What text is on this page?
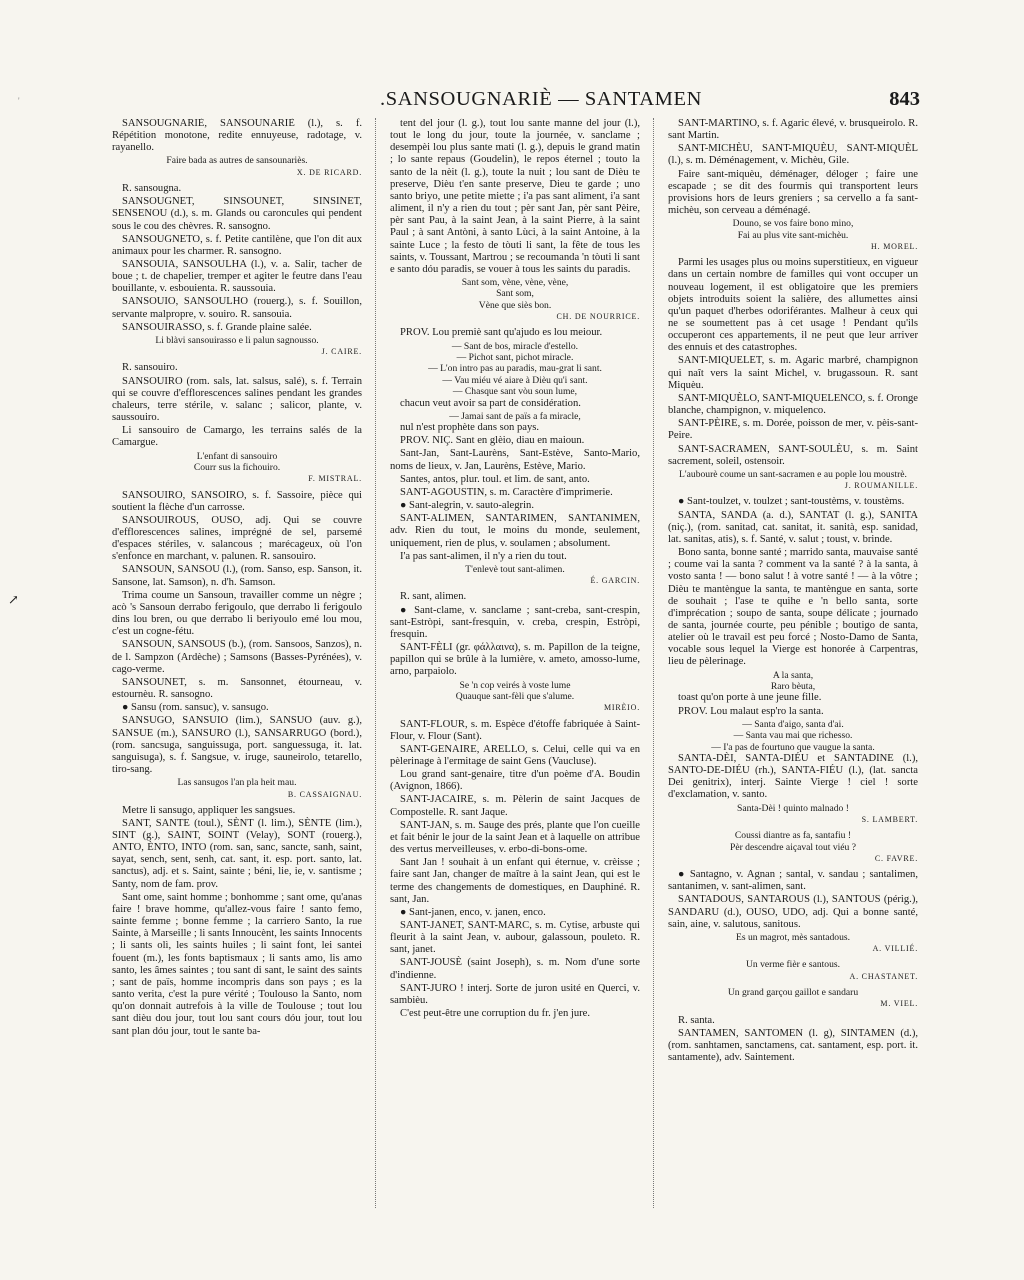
'
↗
.SANSOUGNARIÈ — SANTAMEN	843

SANSOUGNARIÈ, SANSOUNARIÈ (l.), s. f. Répétition monotone, redite ennuyeuse, radotage, v. rayanello.

Faire bada as autres de sansounariès.

X. DE RICARD.

R. sansougna.

SANSOUGNET, SINSOUNET, SINSINET, SENSENOU (d.), s. m. Glands ou caroncules qui pendent sous le cou des chèvres. R. sansogno.

SANSOUGNETO, s. f. Petite cantilène, que l'on dit aux animaux pour les charmer. R. sansogno.

SANSOUIA, SANSOULHA (l.), v. a. Salir, tacher de boue ; t. de chapelier, tremper et agiter le feutre dans l'eau bouillante, v. esbouienta. R. saussouia.

SANSOUIO, SANSOULHO (rouerg.), s. f. Souillon, servante malpropre, v. souiro. R. sansouia.

SANSOUIRASSO, s. f. Grande plaine salée.

Li blàvi sansouirasso e li palun sagnousso.

J. CAIRE.

R. sansouiro.

SANSOUIRO (rom. sals, lat. salsus, salé), s. f. Terrain qui se couvre d'efflorescences salines pendant les grandes chaleurs, terre stérile, v. salanc ; salicor, plante, v. saussouiro.

Li sansouiro de Camargo, les terrains salés de la Camargue.

L'enfant di sansouiro

Courr sus la fichouiro.

F. MISTRAL.

SANSOUIRO, SANSOIRO, s. f. Sassoire, pièce qui soutient la flèche d'un carrosse.

SANSOUIROUS, OUSO, adj. Qui se couvre d'efflorescences salines, imprégné de sel, parsemé d'espaces stériles, v. salancous ; marécageux, où l'on s'enfonce en marchant, v. palunen. R. sansouiro.

SANSOUN, SANSOU (l.), (rom. Sanso, esp. Sanson, it. Sansone, lat. Samson), n. d'h. Samson.

Trima coume un Sansoun, travailler comme un nègre ; acò 's Sansoun derrabo ferigoulo, que derrabo li ferigoulo dins lou bren, ou que derrabo li beriyoulo emé lou mou, c'est un cogne-fétu.

SANSOUN, SANSOUS (b.), (rom. Sansoos, Sanzos), n. de l. Sampzon (Ardèche) ; Samsons (Basses-Pyrénées), v. cago-verme.

SANSOUNET, s. m. Sansonnet, étourneau, v. estournèu. R. sansogno.

● Sansu (rom. sansuc), v. sansugo.

SANSUGO, SANSUIO (lim.), SANSUO (auv. g.), SANSUE (m.), SANSURO (l.), SANSARRUGO (bord.), (rom. sancsuga, sanguissuga, port. sanguessuga, it. lat. sanguisuga), s. f. Sangsue, v. iruge, sauneirolo, tetarello, tiro-sang.

Las sansugos l'an pla heit mau.

B. CASSAIGNAU.

Metre li sansugo, appliquer les sangsues.

SANT, SANTE (toul.), SÈNT (l. lim.), SÈNTE (lim.), SINT (g.), SAINT, SOINT (Velay), SONT (rouerg.), ANTO, ÈNTO, INTO (rom. san, sanc, sancte, sanh, saint, sayat, sench, sent, senh, cat. sant, it. esp. port. santo, lat. sanctus), adj. et s. Saint, sainte ; béni, lie, ie, v. santisme ; Santy, nom de fam. prov.

Sant ome, saint homme ; bonhomme ; sant ome, qu'anas faire ! brave homme, qu'allez-vous faire ! santo femo, sainte femme ; bonne femme ; la carriero Santo, la rue Sainte, à Marseille ; li sants Innoucènt, les saints Innocents ; li sants olì, les saints huiles ; li saint font, lei santei fouent (m.), les fonts baptismaux ; li sants amo, lis amo santo, les âmes saintes ; tou sant di sant, le saint des saints ; sant de païs, homme incompris dans son pays ; es la santo verita, c'est la pure vérité ; Toulouso la Santo, nom qu'on donnait autrefois à la ville de Toulouse ; tout lou sant dièu dou jour, tout lou sant cours dóu jour, tout lou sant plan dóu jour, tout le sante ba-

tent del jour (l. g.), tout lou sante manne del jour (l.), tout le long du jour, toute la journée, v. sanclame ; desempèi lou plus sante mati (l. g.), depuis le grand matin ; lo sante repaus (Goudelin), le repos éternel ; touto la santo de la nèit (l. g.), toute la nuit ; lou sant de Dièu te preserve, Dièu t'en sante preserve, Dieu te garde ; uno santo briyo, une petite miette ; i'a pas sant aliment, i'a sant aliment, il n'y a rien du tout ; pèr sant Jan, pèr sant Pèire, pèr sant Pau, à la saint Jean, à la saint Pierre, à la saint Paul ; à sant Antòni, à santo Lùci, à la saint Antoine, à la sainte Luce ; la festo de tòuti li sant, la fête de tous les saints, v. Toussant, Martrou ; se recoumanda 'n tòuti li sant e santo dóu paradis, se vouer à tous les saints du paradis.

Sant som, vène, vène, vène,

Sant som,

Vène que siès bon.

CH. DE NOURRICE.

PROV. Lou premiè sant qu'ajudo es lou meiour.

— Sant de bos, miracle d'estello.

— Pichot sant, pichot miracle.

— L'on intro pas au paradis, mau-grat li sant.

— Vau miéu vé aiare à Dièu qu'i sant.

— Chasque sant vòu soun lume,

chacun veut avoir sa part de considération.

— Jamai sant de païs a fa miracle,

nul n'est prophète dans son pays.

PROV. NIÇ. Sant en glèio, diau en maioun.

Sant-Jan, Sant-Laurèns, Sant-Estève, Santo-Mario, noms de lieux, v. Jan, Laurèns, Estève, Mario.

Santes, antos, plur. toul. et lim. de sant, anto.

SANT-AGOUSTIN, s. m. Caractère d'imprimerie.

● Sant-alegrin, v. sauto-alegrin.

SANT-ALIMEN, SANTARIMEN, SANTANIMEN, adv. Rien du tout, le moins du monde, seulement, uniquement, rien de plus, v. soulamen ; absolument.

I'a pas sant-alimen, il n'y a rien du tout.

T'enlevè tout sant-alimen.

É. GARCIN.

R. sant, alimen.

● Sant-clame, v. sanclame ; sant-creba, sant-crespin, sant-Estròpi, sant-fresquin, v. creba, crespin, Estròpi, fresquin.

SANT-FÈLI (gr. φάλλαινα), s. m. Papillon de la teigne, papillon qui se brûle à la lumière, v. ameto, amosso-lume, arno, parpaiolo.

Se 'n cop veirés à voste lume

Quauque sant-fèli que s'alume.

MIRÈIO.

SANT-FLOUR, s. m. Espèce d'étoffe fabriquée à Saint-Flour, v. Flour (Sant).

SANT-GENAIRE, ARELLO, s. Celui, celle qui va en pèlerinage à l'ermitage de saint Gens (Vaucluse).

Lou grand sant-genaire, titre d'un poème d'A. Boudin (Avignon, 1866).

SANT-JACAIRE, s. m. Pèlerin de saint Jacques de Compostelle. R. sant Jaque.

SANT-JAN, s. m. Sauge des prés, plante que l'on cueille et fait bénir le jour de la saint Jean et à laquelle on attribue des vertus merveilleuses, v. erbo-di-bons-ome.

Sant Jan ! souhait à un enfant qui éternue, v. crèisse ; faire sant Jan, changer de maître à la saint Jean, qui est le terme des changements de domestiques, en Dauphiné. R. sant, Jan.

● Sant-janen, enco, v. janen, enco.

SANT-JANET, SANT-MARC, s. m. Cytise, arbuste qui fleurit à la saint Jean, v. aubour, galassoun, pouleto. R. sant, janet.

SANT-JOUSÈ (saint Joseph), s. m. Nom d'une sorte d'indienne.

SANT-JURO ! interj. Sorte de juron usité en Querci, v. sambièu.

C'est peut-être une corruption du fr. j'en jure.

SANT-MARTINO, s. f. Agaric élevé, v. brusqueirolo. R. sant Martin.

SANT-MICHÈU, SANT-MIQUÈU, SANT-MIQUÈL (l.), s. m. Déménagement, v. Michèu, Gile.

Faire sant-miquèu, déménager, déloger ; faire une escapade ; se dit des fourmis qui transportent leurs provisions hors de leurs greniers ; sa cervello a fa sant-michèu, son cerveau a déménagé.

Douno, se vos faire bono mino,

Fai au plus vite sant-michèu.

H. MOREL.

Parmi les usages plus ou moins superstitieux, en vigueur dans un certain nombre de familles qui vont occuper un nouveau logement, il est obligatoire que les premiers objets introduits soient la salière, des allumettes ainsi qu'un paquet d'herbes odoriférantes. Malheur à ceux qui ne se soumettent pas à cet usage ! Pendant qu'ils occuperont ces appartements, il ne peut que leur arriver des ennuis et des catastrophes.

SANT-MIQUELET, s. m. Agaric marbré, champignon qui naît vers la saint Michel, v. brugassoun. R. sant Miquèu.

SANT-MIQUÈLO, SANT-MIQUELENCO, s. f. Oronge blanche, champignon, v. miquelenco.

SANT-PÈIRE, s. m. Dorée, poisson de mer, v. pèis-sant-Peire.

SANT-SACRAMEN, SANT-SOULÈU, s. m. Saint sacrement, soleil, ostensoir.

L'aubourè coume un sant-sacramen e au pople lou moustrè.

J. ROUMANILLE.

● Sant-toulzet, v. toulzet ; sant-toustèms, v. toustèms.

SANTA, SANDA (a. d.), SANTAT (l. g.), SANITA (niç.), (rom. sanitad, cat. sanitat, it. sanità, esp. sanidad, lat. sanitas, atis), s. f. Santé, v. salut ; toust, v. brinde.

Bono santa, bonne santé ; marrido santa, mauvaise santé ; coume vai la santa ? comment va la santé ? à la santa, à vosto santa ! — bono salut ! à votre santé ! — à la vôtre ; Dièu te mantèngue la santa, te mantèngue en santa, sorte de souhait ; l'ase te quihe e 'n bello santa, sorte d'imprécation ; soupo de santa, soupe délicate ; journado de santa, journée courte, peu pénible ; boutigo de santa, atelier où le travail est peu forcé ; Nosto-Damo de Santa, vocable sous lequel la Vierge est honorée à Carpentras, lieu de pèlerinage.

A la santa,

Raro bèuta,

toast qu'on porte à une jeune fille.

PROV. Lou malaut esp'ro la santa.

— Santa d'aigo, santa d'ai.

— Santa vau mai que richesso.

— I'a pas de fourtuno que vaugue la santa.

SANTA-DÈI, SANTA-DIÉU et SANTADINE (l.), SANTO-DE-DIÉU (rh.), SANTA-FIÉU (l.), (lat. sancta Dei genitrix), interj. Sainte Vierge ! ciel ! sorte d'exclamation, v. santo.

Santa-Dèi ! quinto malnado !

S. LAMBERT.

Coussi diantre as fa, santafiu !

Pèr descendre aiçaval tout viéu ?

C. FAVRE.

● Santagno, v. Agnan ; santal, v. sandau ; santalimen, santanimen, v. sant-alimen, sant.

SANTADOUS, SANTAROUS (l.), SANTOUS (périg.), SANDARU (d.), OUSO, UDO, adj. Qui a bonne santé, sain, aine, v. salutous, sanitous.

Es un magrot, mès santadous.

A. VILLIÉ.

Un verme fièr e santous.

A. CHASTANET.

Un grand garçou gaillot e sandaru

M. VIEL.

R. santa.

SANTAMEN, SANTOMEN (l. g), SINTAMEN (d.), (rom. sanhtamen, sanctamens, cat. santament, esp. port. it. santamente), adv. Saintement.
